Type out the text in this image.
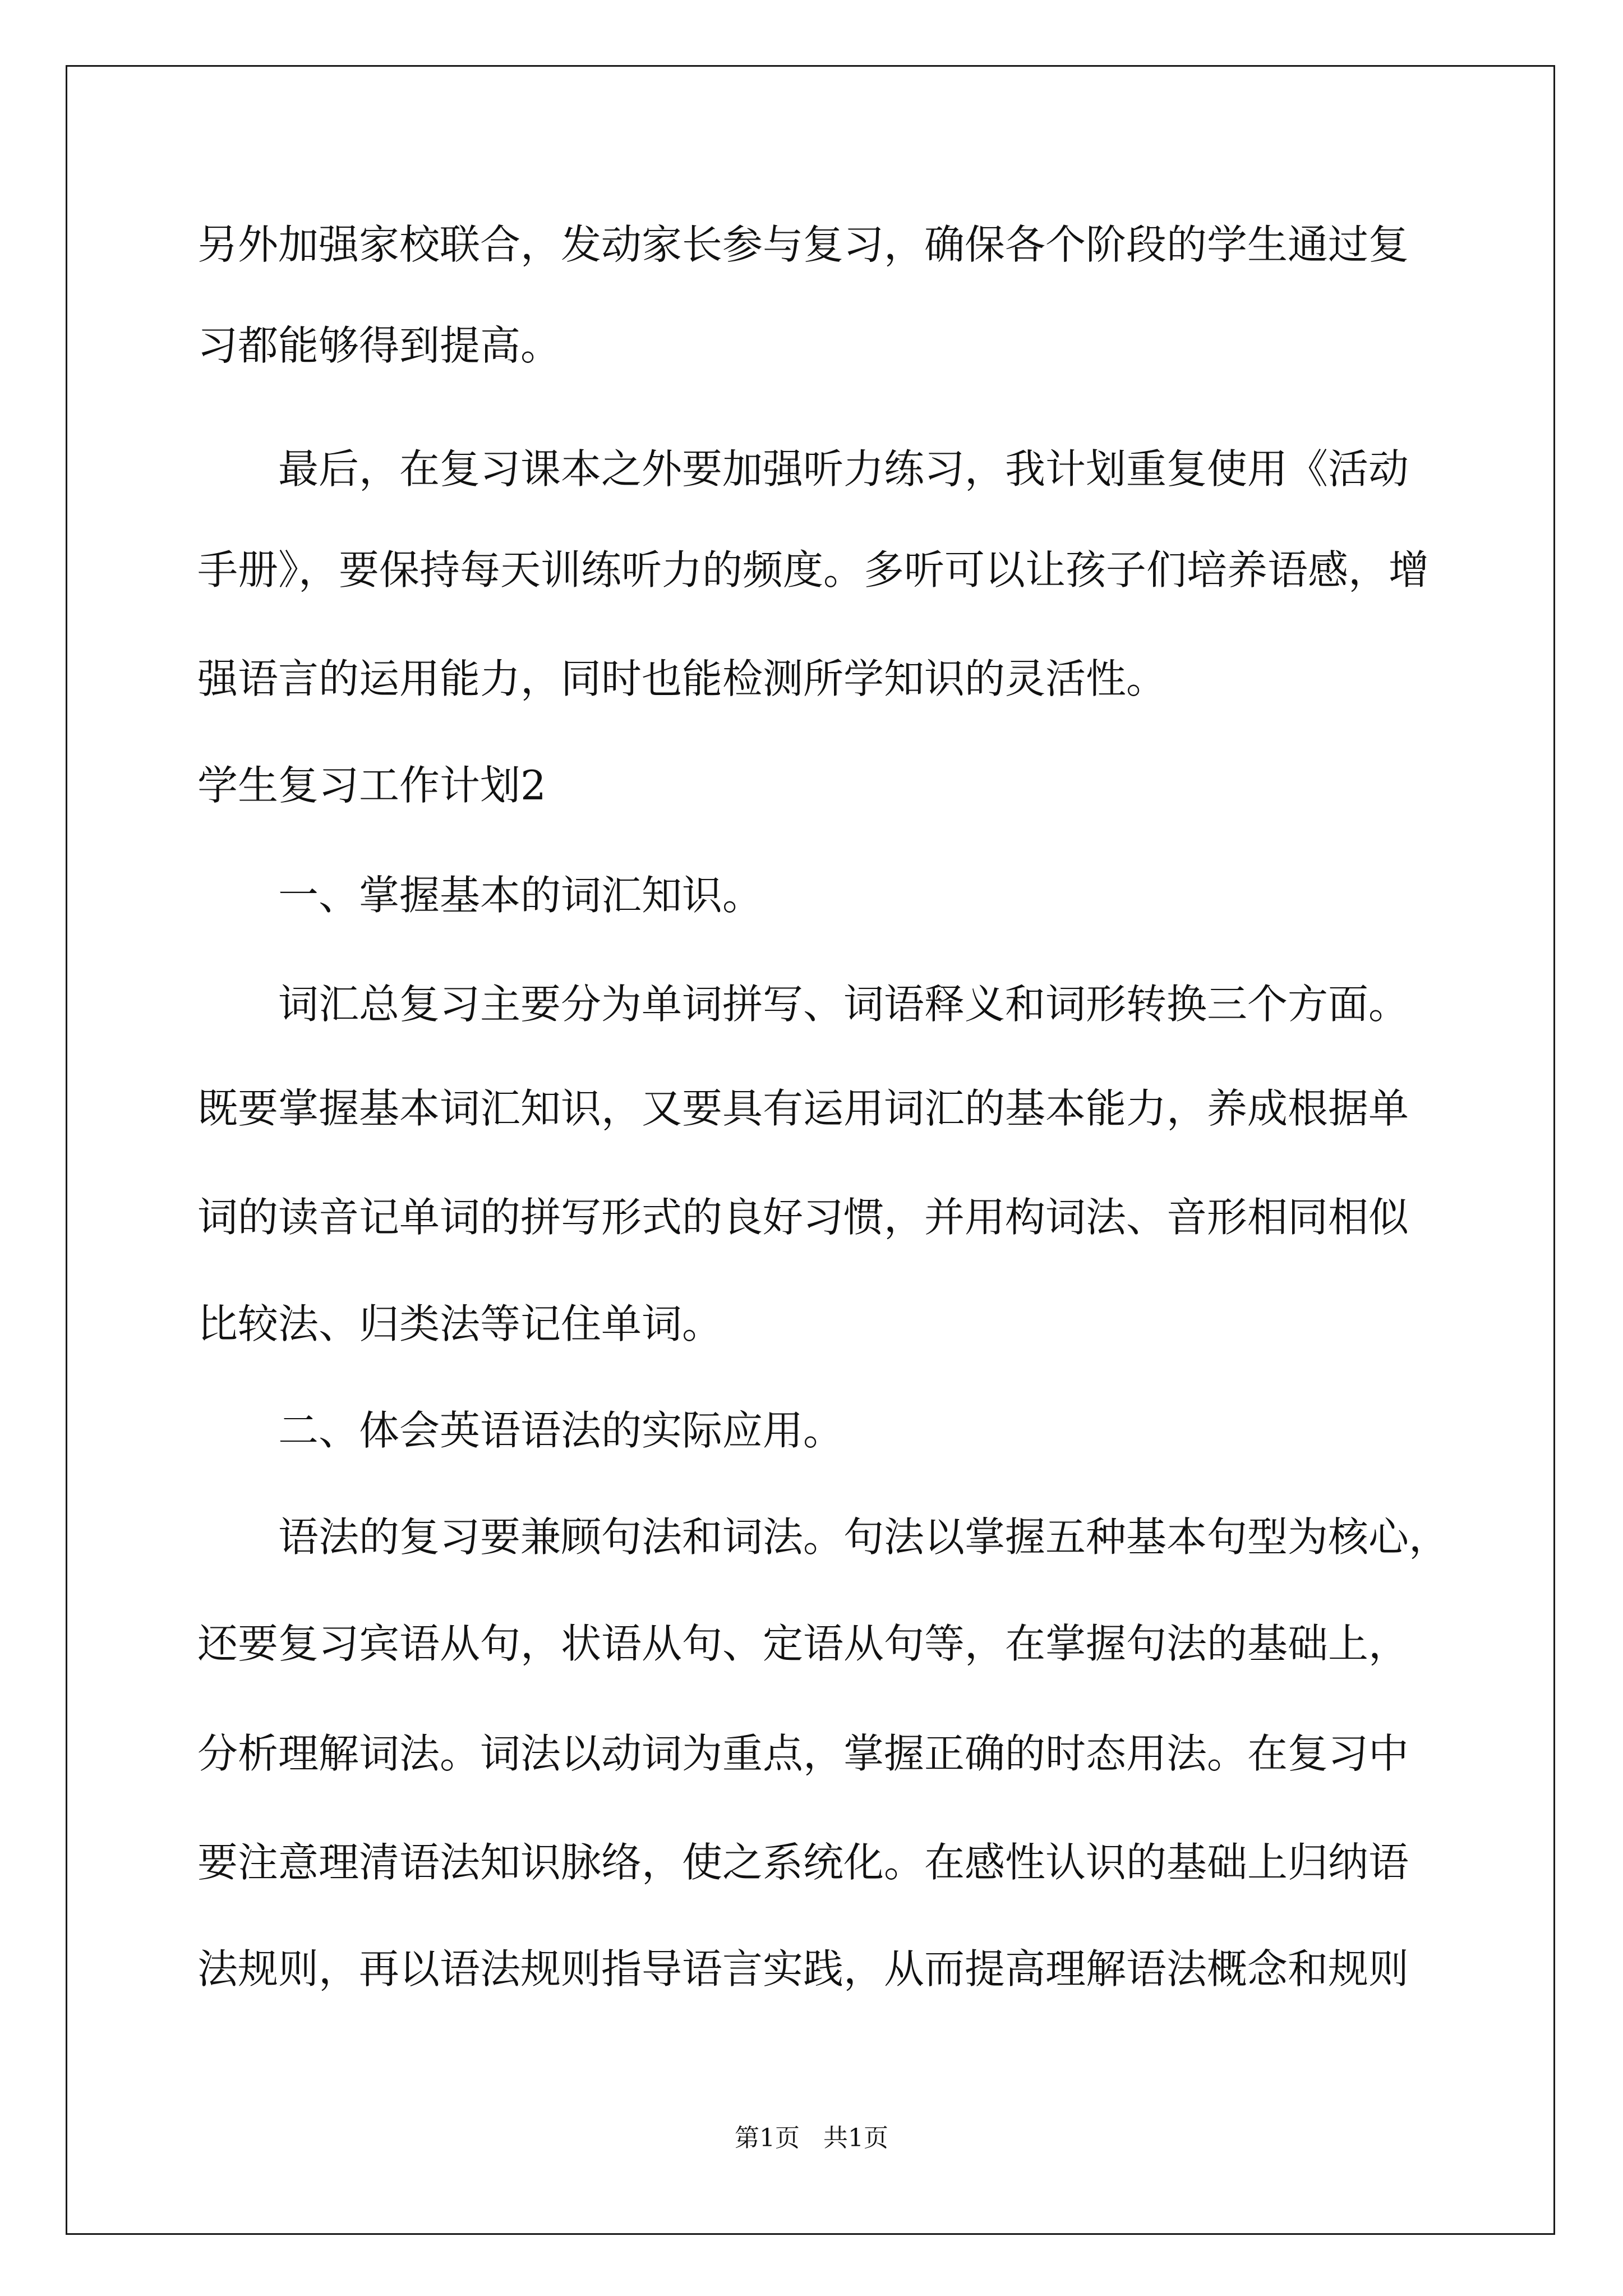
另外加强家校联合，发动家长参与复习，确保各个阶段的学生通过复

习都能够得到提高。

最后，在复习课本之外要加强听力练习，我计划重复使用《活动

手册》，要保持每天训练听力的频度。多听可以让孩子们培养语感，增

强语言的运用能力，同时也能检测所学知识的灵活性。

学生复习工作计划2

一、掌握基本的词汇知识。

词汇总复习主要分为单词拼写、词语释义和词形转换三个方面。

既要掌握基本词汇知识，又要具有运用词汇的基本能力，养成根据单

词的读音记单词的拼写形式的良好习惯，并用构词法、音形相同相似

比较法、归类法等记住单词。

二、体会英语语法的实际应用。

语法的复习要兼顾句法和词法。句法以掌握五种基本句型为核心，

还要复习宾语从句，状语从句、定语从句等，在掌握句法的基础上，

分析理解词法。词法以动词为重点，掌握正确的时态用法。在复习中

要注意理清语法知识脉络，使之系统化。在感性认识的基础上归纳语

法规则，再以语法规则指导语言实践，从而提高理解语法概念和规则

第1页 共1页
